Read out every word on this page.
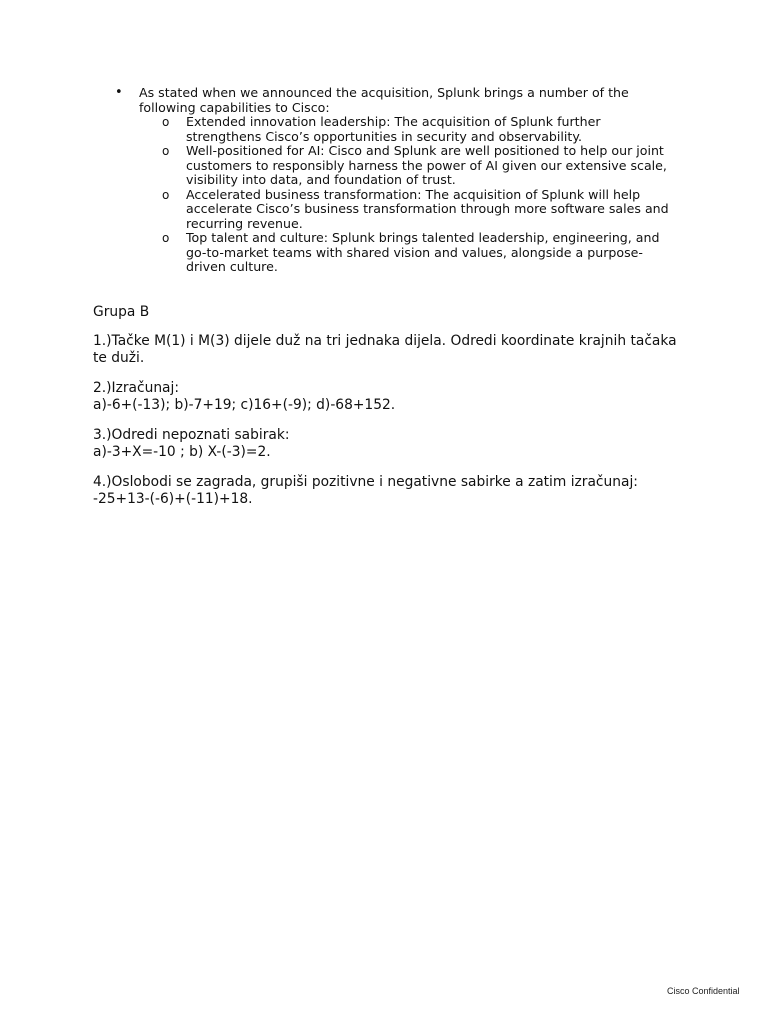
•	As stated when we announced the acquisition, Splunk brings a number of the following capabilities to Cisco:
o	Extended innovation leadership: The acquisition of Splunk further strengthens Cisco’s opportunities in security and observability.
o	Well-positioned for AI: Cisco and Splunk are well positioned to help our joint customers to responsibly harness the power of AI given our extensive scale, visibility into data, and foundation of trust.
o	Accelerated business transformation: The acquisition of Splunk will help accelerate Cisco’s business transformation through more software sales and recurring revenue.
o	Top talent and culture: Splunk brings talented leadership, engineering, and go-to-market teams with shared vision and values, alongside a purpose-driven culture.
Grupa B
1.)Tačke M(1) i M(3) dijele duž na tri jednaka dijela. Odredi koordinate krajnih tačaka te duži.
2.)Izračunaj:
a)-6+(-13); b)-7+19; c)16+(-9); d)-68+152.
3.)Odredi nepoznati sabirak:
a)-3+X=-10 ; b) X-(-3)=2.
4.)Oslobodi se zagrada, grupiši pozitivne i negativne sabirke a zatim izračunaj:
-25+13-(-6)+(-11)+18.
Cisco Confidential
